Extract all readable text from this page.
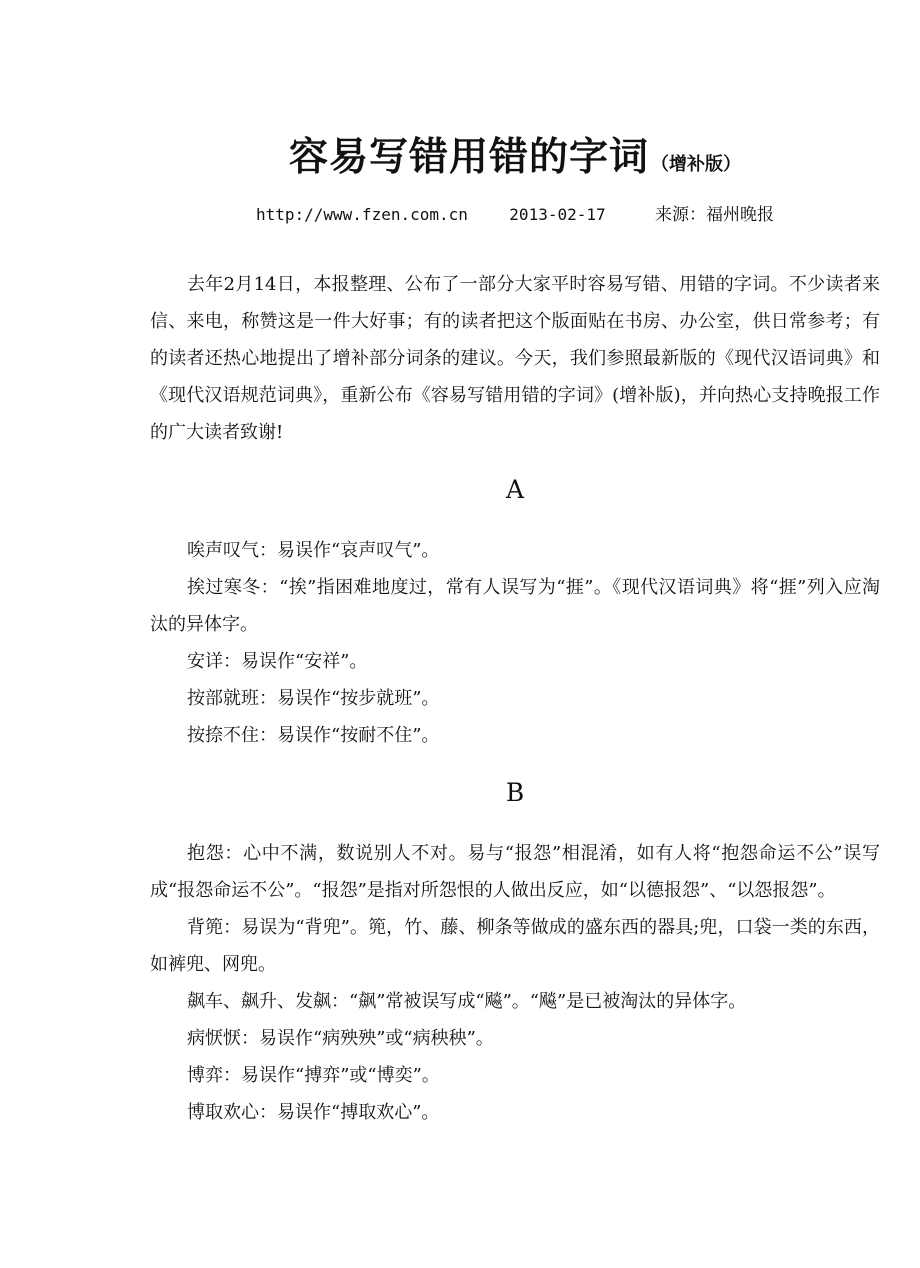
容易写错用错的字词 （增补版）
http://www.fzen.com.cn	2013-02-17	来源：福州晚报

去年2月14日，本报整理、公布了一部分大家平时容易写错、用错的字词。不少读者来信、来电，称赞这是一件大好事；有的读者把这个版面贴在书房、办公室，供日常参考；有的读者还热心地提出了增补部分词条的建议。今天，我们参照最新版的《现代汉语词典》和《现代汉语规范词典》，重新公布《容易写错用错的字词》(增补版)，并向热心支持晚报工作的广大读者致谢!

A

唉声叹气：易误作“哀声叹气”。

挨过寒冬：“挨”指困难地度过，常有人误写为“捱”。《现代汉语词典》将“捱”列入应淘汰的异体字。

安详：易误作“安祥”。

按部就班：易误作“按步就班”。

按捺不住：易误作“按耐不住”。

B

抱怨：心中不满，数说别人不对。易与“报怨”相混淆，如有人将“抱怨命运不公”误写成“报怨命运不公”。“报怨”是指对所怨恨的人做出反应，如“以德报怨”、“以怨报怨”。

背篼：易误为“背兜”。篼，竹、藤、柳条等做成的盛东西的器具;兜，口袋一类的东西，如裤兜、网兜。

飙车、飙升、发飙：“飙”常被误写成“飚”。“飚”是已被淘汰的异体字。

病恹恹：易误作“病殃殃”或“病秧秧”。

博弈：易误作“搏弈”或“博奕”。

博取欢心：易误作“搏取欢心”。
